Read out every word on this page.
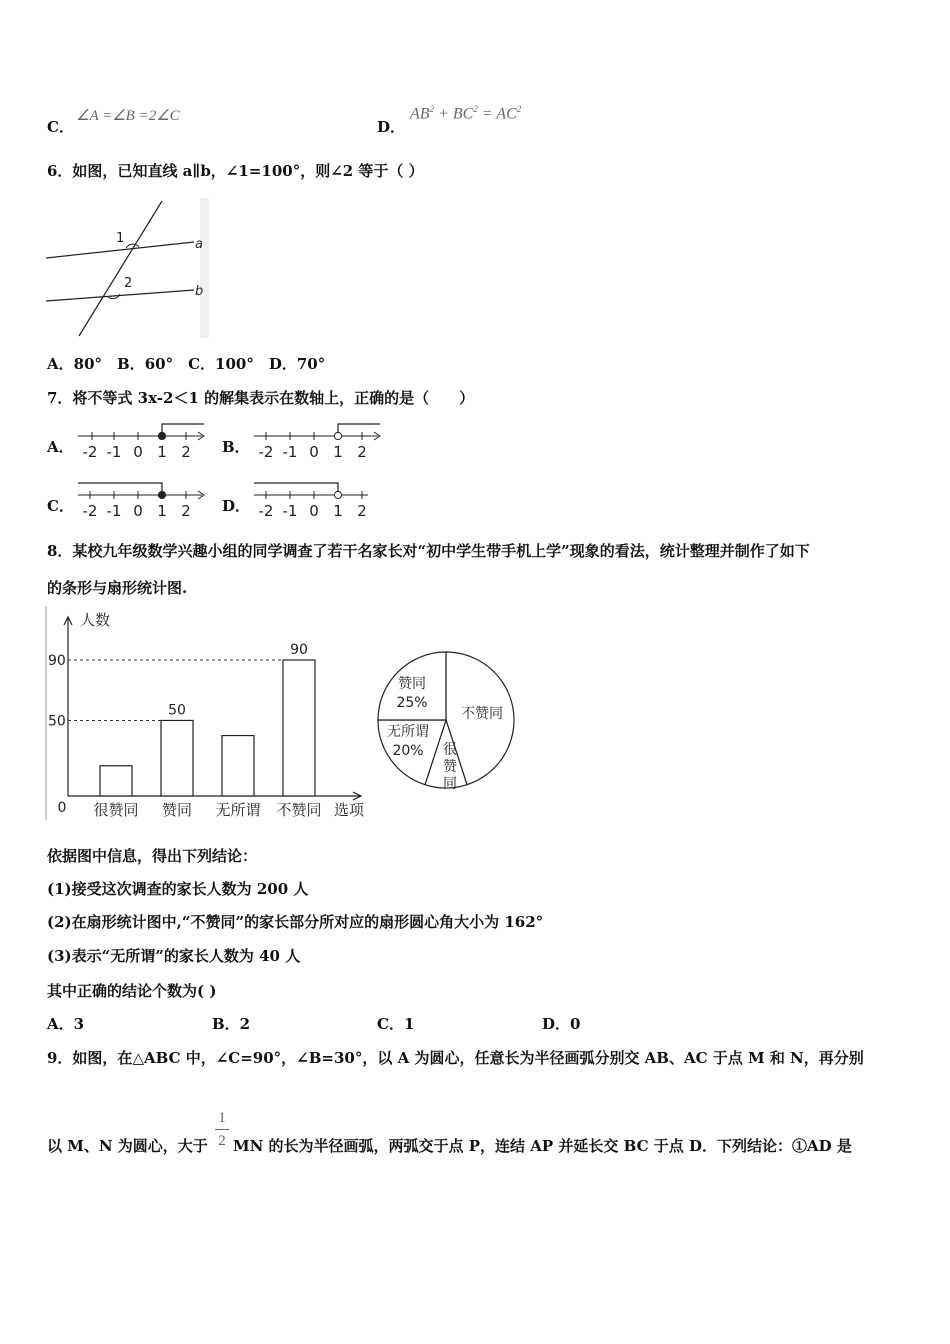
C．
∠A =∠B =2∠C
D．
$AB^2 + BC^2 = AC^2$
6．如图，已知直线 a∥b，∠1=100°，则∠2 等于（ ）
1
2
a
b
A．80°　B．60°　C．100°　D．70°
7．将不等式 3x-2＜1 的解集表示在数轴上，正确的是（　　）
A． -2 -1 0 1 2 B． -2 -1 0 1 2
C． -2 -1 0 1 2 D． -2 -1 0 1 2
8．某校九年级数学兴趣小组的同学调查了若干名家长对“初中学生带手机上学”现象的看法，统计整理并制作了如下
的条形与扇形统计图.
人数
选项
0
50
90
很赞同 赞同
50
无所谓 不赞同
90
不赞同
很
赞
同
无所谓
20%
赞同
25%
依据图中信息，得出下列结论：
(1)接受这次调查的家长人数为 200 人
(2)在扇形统计图中,“不赞同”的家长部分所对应的扇形圆心角大小为 162°
(3)表示“无所谓”的家长人数为 40 人
其中正确的结论个数为( )
A．3	B．2	C．1	D．0
9．如图，在△ABC 中，∠C=90°，∠B=30°，以 A 为圆心，任意长为半径画弧分别交 AB、AC 于点 M 和 N，再分别
以 M、N 为圆心，大于
1
2 MN 的长为半径画弧，两弧交于点 P，连结 AP 并延长交 BC 于点 D．下列结论：①AD 是
